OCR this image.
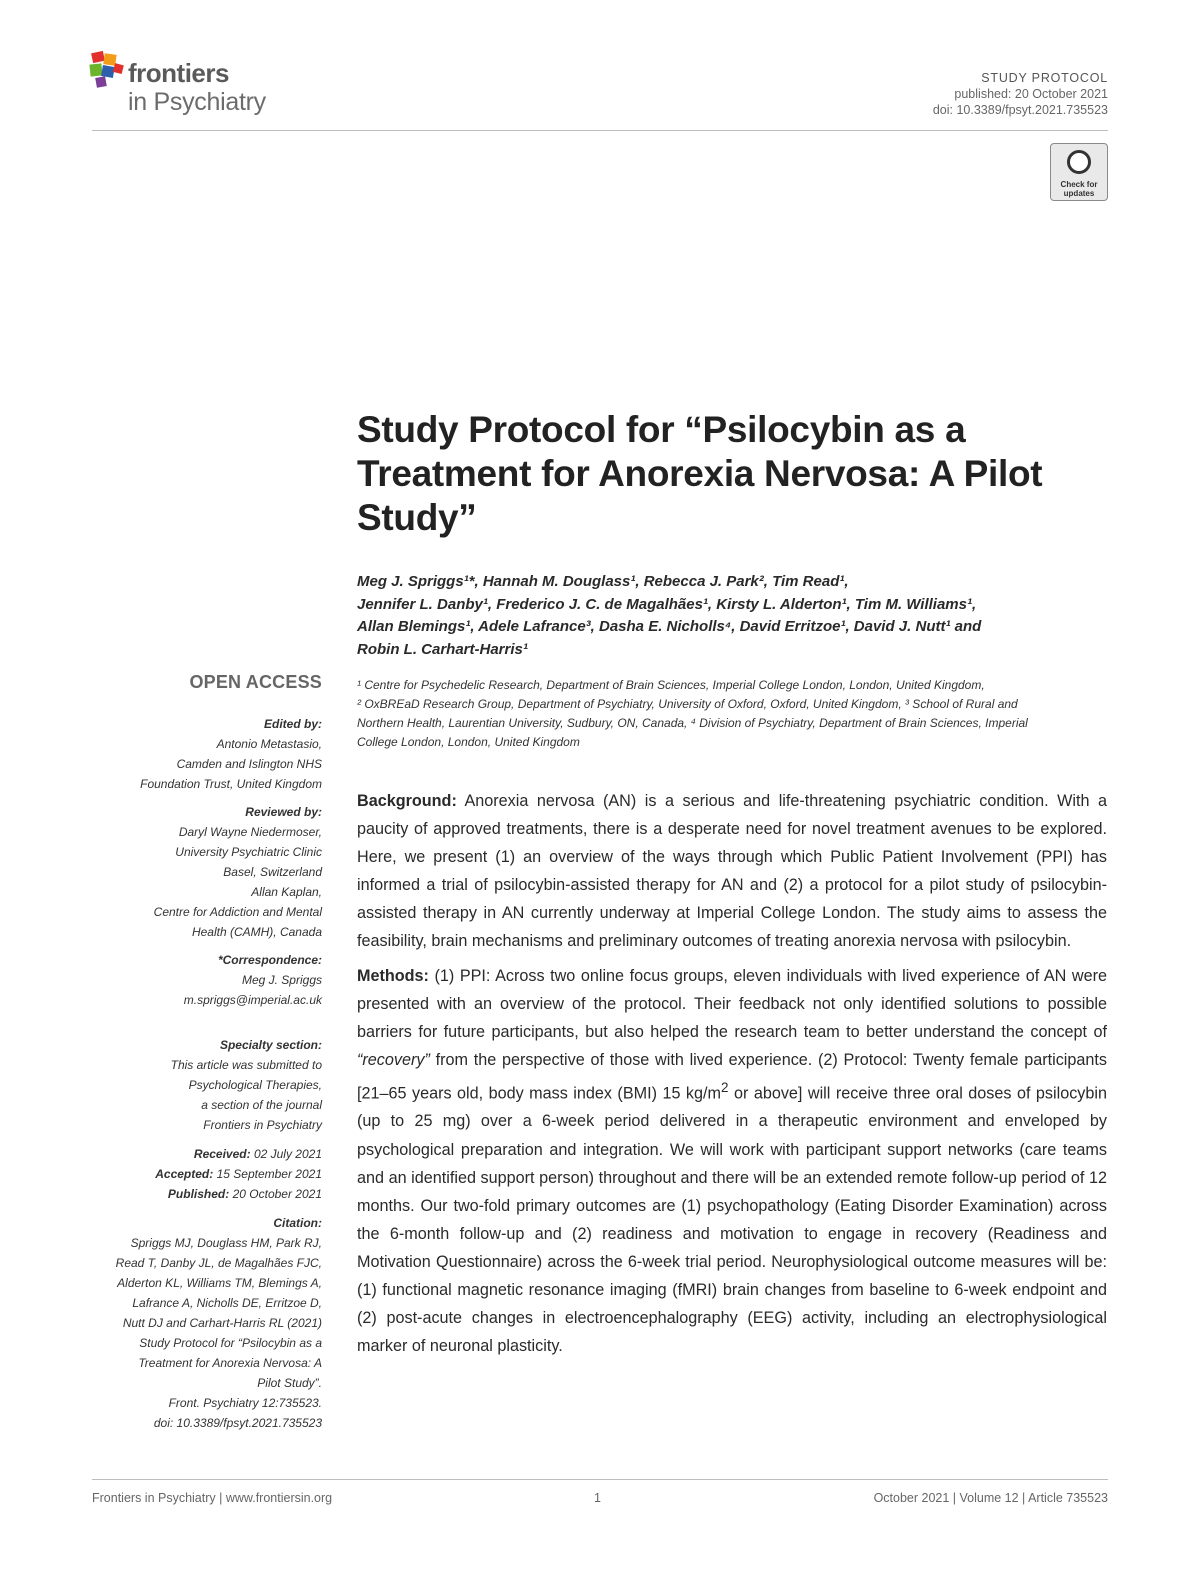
frontiers
in Psychiatry
STUDY PROTOCOL
published: 20 October 2021
doi: 10.3389/fpsyt.2021.735523
Check for updates
Study Protocol for “Psilocybin as a Treatment for Anorexia Nervosa: A Pilot Study”
Meg J. Spriggs¹*, Hannah M. Douglass¹, Rebecca J. Park², Tim Read¹,
Jennifer L. Danby¹, Frederico J. C. de Magalhães¹, Kirsty L. Alderton¹, Tim M. Williams¹,
Allan Blemings¹, Adele Lafrance³, Dasha E. Nicholls⁴, David Erritzoe¹, David J. Nutt¹ and
Robin L. Carhart-Harris¹
¹ Centre for Psychedelic Research, Department of Brain Sciences, Imperial College London, London, United Kingdom,
² OxBREaD Research Group, Department of Psychiatry, University of Oxford, Oxford, United Kingdom, ³ School of Rural and
Northern Health, Laurentian University, Sudbury, ON, Canada, ⁴ Division of Psychiatry, Department of Brain Sciences, Imperial
College London, London, United Kingdom
OPEN ACCESS

Edited by:

Antonio Metastasio,

Camden and Islington NHS

Foundation Trust, United Kingdom

Reviewed by:

Daryl Wayne Niedermoser,

University Psychiatric Clinic

Basel, Switzerland

Allan Kaplan,

Centre for Addiction and Mental

Health (CAMH), Canada

*Correspondence:

Meg J. Spriggs

m.spriggs@imperial.ac.uk

Specialty section:

This article was submitted to

Psychological Therapies,

a section of the journal

Frontiers in Psychiatry

Received: 02 July 2021

Accepted: 15 September 2021

Published: 20 October 2021

Citation:

Spriggs MJ, Douglass HM, Park RJ,

Read T, Danby JL, de Magalhães FJC,

Alderton KL, Williams TM, Blemings A,

Lafrance A, Nicholls DE, Erritzoe D,

Nutt DJ and Carhart-Harris RL (2021)

Study Protocol for “Psilocybin as a

Treatment for Anorexia Nervosa: A

Pilot Study”.

Front. Psychiatry 12:735523.

doi: 10.3389/fpsyt.2021.735523

Background: Anorexia nervosa (AN) is a serious and life-threatening psychiatric condition. With a paucity of approved treatments, there is a desperate need for novel treatment avenues to be explored. Here, we present (1) an overview of the ways through which Public Patient Involvement (PPI) has informed a trial of psilocybin-assisted therapy for AN and (2) a protocol for a pilot study of psilocybin-assisted therapy in AN currently underway at Imperial College London. The study aims to assess the feasibility, brain mechanisms and preliminary outcomes of treating anorexia nervosa with psilocybin.

Methods: (1) PPI: Across two online focus groups, eleven individuals with lived experience of AN were presented with an overview of the protocol. Their feedback not only identified solutions to possible barriers for future participants, but also helped the research team to better understand the concept of “recovery” from the perspective of those with lived experience. (2) Protocol: Twenty female participants [21–65 years old, body mass index (BMI) 15 $kg/m^2$ or above] will receive three oral doses of psilocybin (up to 25 mg) over a 6-week period delivered in a therapeutic environment and enveloped by psychological preparation and integration. We will work with participant support networks (care teams and an identified support person) throughout and there will be an extended remote follow-up period of 12 months. Our two-fold primary outcomes are (1) psychopathology (Eating Disorder Examination) across the 6-month follow-up and (2) readiness and motivation to engage in recovery (Readiness and Motivation Questionnaire) across the 6-week trial period. Neurophysiological outcome measures will be: (1) functional magnetic resonance imaging (fMRI) brain changes from baseline to 6-week endpoint and (2) post-acute changes in electroencephalography (EEG) activity, including an electrophysiological marker of neuronal plasticity.

Frontiers in Psychiatry | www.frontiersin.org	1	October 2021 | Volume 12 | Article 735523
